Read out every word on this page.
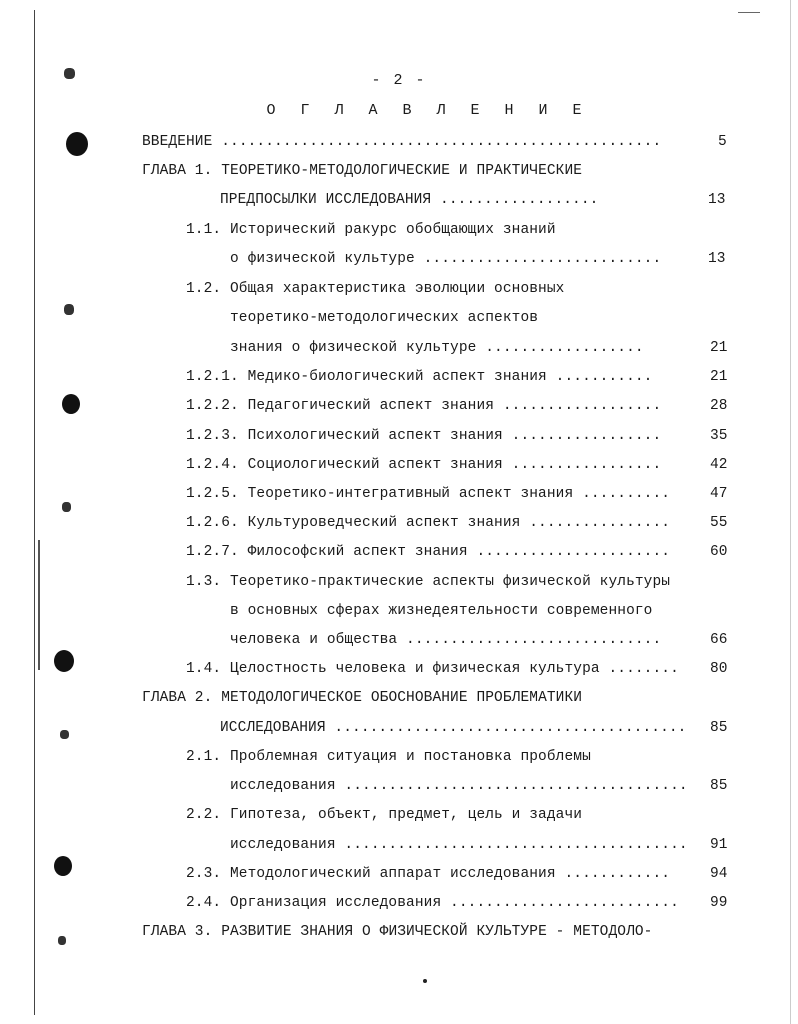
- 2 -
О Г Л А В Л Е Н И Е
ВВЕДЕНИЕ ..................................................	5
ГЛАВА 1. ТЕОРЕТИКО-МЕТОДОЛОГИЧЕСКИЕ И ПРАКТИЧЕСКИЕ
ПРЕДПОСЫЛКИ ИССЛЕДОВАНИЯ ..................	13
1.1. Исторический ракурс обобщающих знаний
о физической культуре ...........................	13
1.2. Общая характеристика эволюции основных
теоретико-методологических аспектов
знания о физической культуре ..................	21
1.2.1. Медико-биологический аспект знания ...........	21
1.2.2. Педагогический аспект знания ..................	28
1.2.3. Психологический аспект знания .................	35
1.2.4. Социологический аспект знания .................	42
1.2.5. Теоретико-интегративный аспект знания ..........	47
1.2.6. Культуроведческий аспект знания ................	55
1.2.7. Философский аспект знания ......................	60
1.3. Теоретико-практические аспекты физической культуры
в основных сферах жизнедеятельности современного
человека и общества .............................	66
1.4. Целостность человека и физическая культура ........ 80
ГЛАВА 2. МЕТОДОЛОГИЧЕСКОЕ ОБОСНОВАНИЕ ПРОБЛЕМАТИКИ
ИССЛЕДОВАНИЯ ........................................ 85
2.1. Проблемная ситуация и постановка проблемы
исследования ....................................... 85
2.2. Гипотеза, объект, предмет, цель и задачи
исследования ....................................... 91
2.3. Методологический аппарат исследования ............	94
2.4. Организация исследования .......................... 99
ГЛАВА 3. РАЗВИТИЕ ЗНАНИЯ О ФИЗИЧЕСКОЙ КУЛЬТУРЕ - МЕТОДОЛО-
